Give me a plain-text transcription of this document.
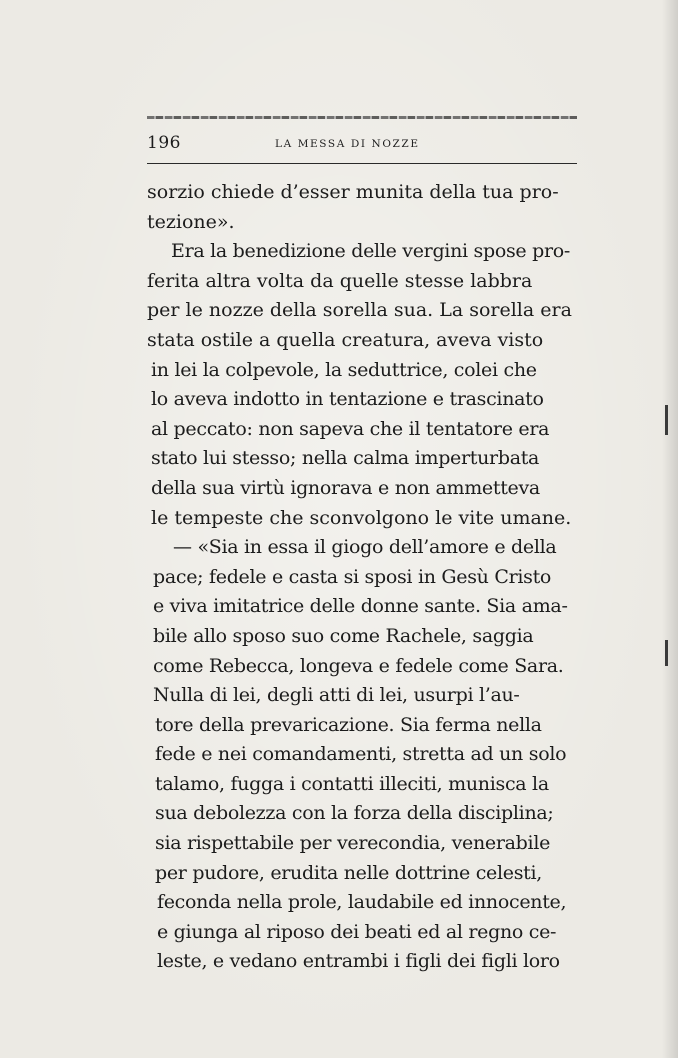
196	LA MESSA DI NOZZE
sorzio chiede d’esser munita della tua pro-
tezione».
Era la benedizione delle vergini spose pro-
ferita altra volta da quelle stesse labbra
per le nozze della sorella sua. La sorella era
stata ostile a quella creatura, aveva visto
in lei la colpevole, la seduttrice, colei che
lo aveva indotto in tentazione e trascinato
al peccato: non sapeva che il tentatore era
stato lui stesso; nella calma imperturbata
della sua virtù ignorava e non ammetteva
le tempeste che sconvolgono le vite umane.
— «Sia in essa il giogo dell’amore e della
pace; fedele e casta si sposi in Gesù Cristo
e viva imitatrice delle donne sante. Sia ama-
bile allo sposo suo come Rachele, saggia
come Rebecca, longeva e fedele come Sara.
Nulla di lei, degli atti di lei, usurpi l’au-
tore della prevaricazione. Sia ferma nella
fede e nei comandamenti, stretta ad un solo
talamo, fugga i contatti illeciti, munisca la
sua debolezza con la forza della disciplina;
sia rispettabile per verecondia, venerabile
per pudore, erudita nelle dottrine celesti,
feconda nella prole, laudabile ed innocente,
e giunga al riposo dei beati ed al regno ce-
leste, e vedano entrambi i figli dei figli loro
